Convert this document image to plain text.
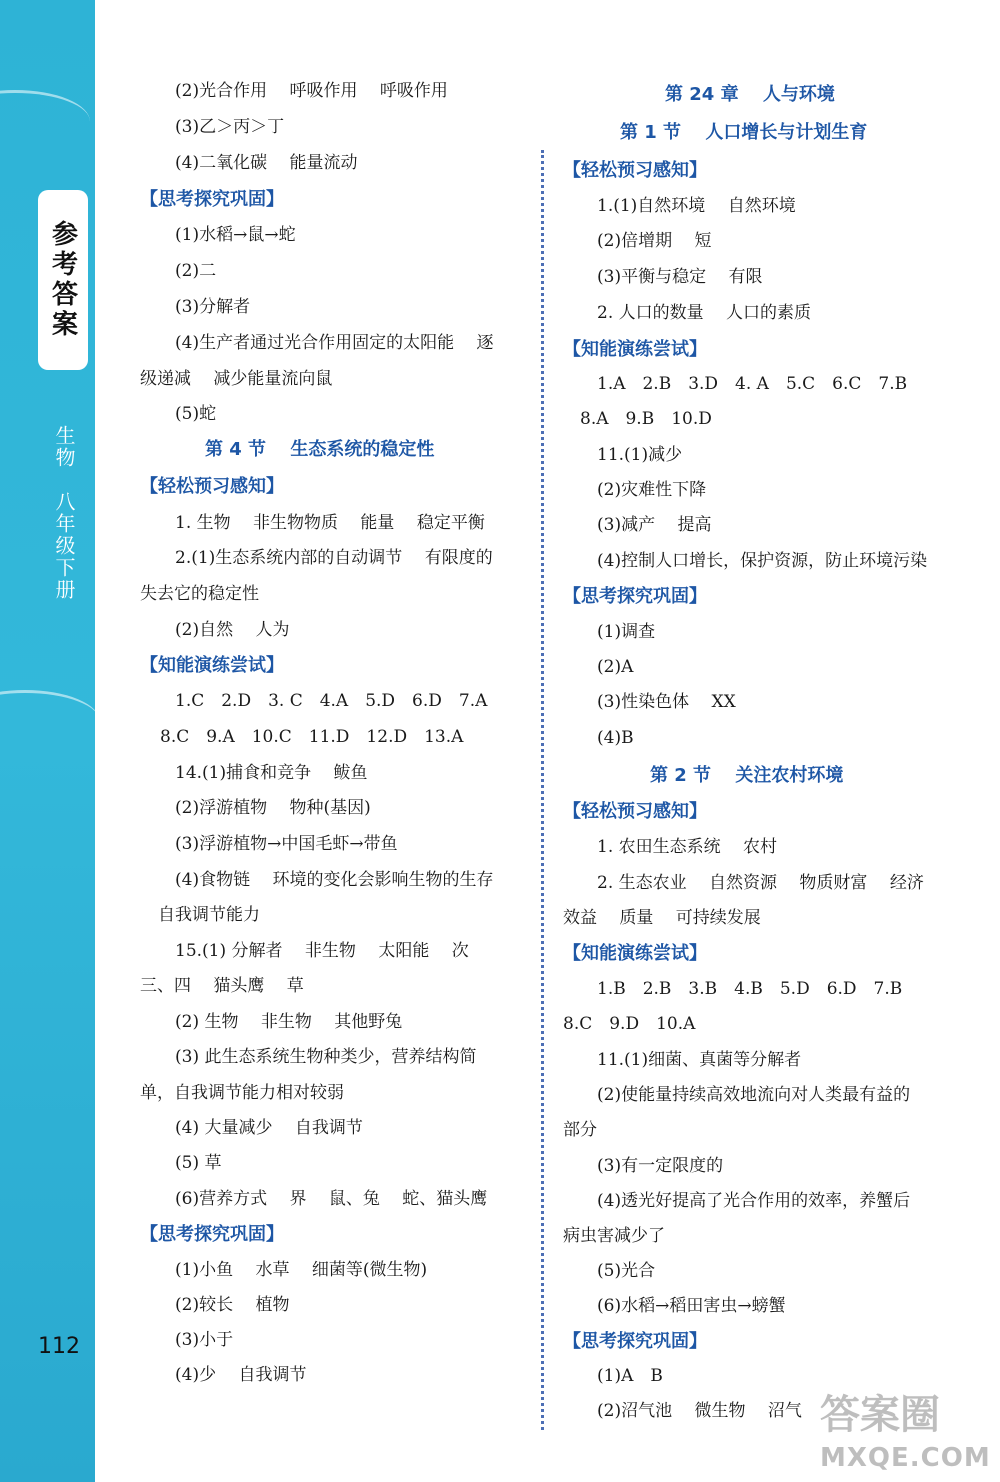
参考答案
生物　八年级下册
112
(2)光合作用　 呼吸作用　 呼吸作用
(3)乙＞丙＞丁
(4)二氧化碳　 能量流动
【思考探究巩固】
(1)水稻→鼠→蛇
(2)二
(3)分解者
(4)生产者通过光合作用固定的太阳能　 逐
级递减　 减少能量流向鼠
(5)蛇
第 4 节　 生态系统的稳定性
【轻松预习感知】
1. 生物　 非生物物质　 能量　 稳定平衡
2.(1)生态系统内部的自动调节　 有限度的
失去它的稳定性
(2)自然　 人为
【知能演练尝试】
1.C　2.D　3. C　4.A　5.D　6.D　7.A
8.C　9.A　10.C　11.D　12.D　13.A
14.(1)捕食和竞争　 鲅鱼
(2)浮游植物　 物种(基因)
(3)浮游植物→中国毛虾→带鱼
(4)食物链　 环境的变化会影响生物的生存
自我调节能力
15.(1) 分解者　 非生物　 太阳能　 次
三、四　 猫头鹰　 草
(2) 生物　 非生物　 其他野兔
(3) 此生态系统生物种类少，营养结构简
单，自我调节能力相对较弱
(4) 大量减少　 自我调节
(5) 草
(6)营养方式　 界　 鼠、兔　 蛇、猫头鹰
【思考探究巩固】
(1)小鱼　 水草　 细菌等(微生物)
(2)较长　 植物
(3)小于
(4)少　 自我调节
第 24 章　 人与环境
第 1 节　 人口增长与计划生育
【轻松预习感知】
1.(1)自然环境　 自然环境
(2)倍增期　 短
(3)平衡与稳定　 有限
2. 人口的数量　 人口的素质
【知能演练尝试】
1.A　2.B　3.D　4. A　5.C　6.C　7.B
8.A　9.B　10.D
11.(1)减少
(2)灾难性下降
(3)减产　 提高
(4)控制人口增长，保护资源，防止环境污染
【思考探究巩固】
(1)调查
(2)A
(3)性染色体　 XX
(4)B
第 2 节　 关注农村环境
【轻松预习感知】
1. 农田生态系统　 农村
2. 生态农业　 自然资源　 物质财富　 经济
效益　 质量　 可持续发展
【知能演练尝试】
1.B　2.B　3.B　4.B　5.D　6.D　7.B
8.C　9.D　10.A
11.(1)细菌、真菌等分解者
(2)使能量持续高效地流向对人类最有益的
部分
(3)有一定限度的
(4)透光好提高了光合作用的效率，养蟹后
病虫害减少了
(5)光合
(6)水稻→稻田害虫→螃蟹
【思考探究巩固】
(1)A　B
(2)沼气池　 微生物　 沼气 答案圈
MXQE.COM
